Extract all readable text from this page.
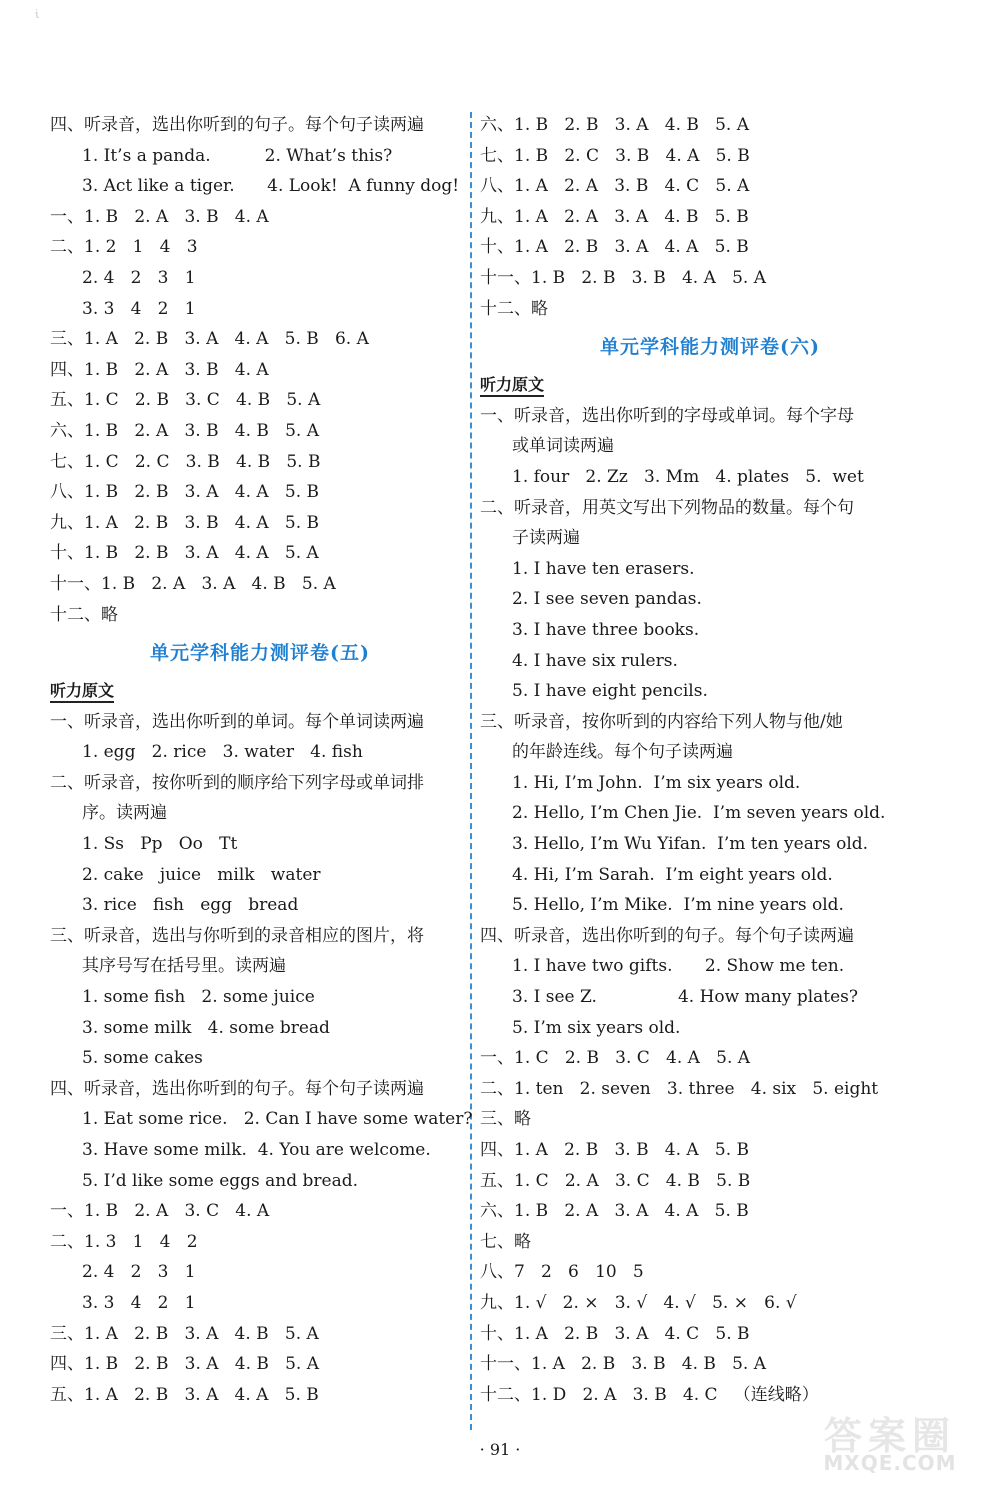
ι̇
四、听录音，选出你听到的句子。每个句子读两遍
1. It’s a panda.          2. What’s this?
3. Act like a tiger.      4. Look!  A funny dog!
一、1. B   2. A   3. B   4. A
二、1. 2   1   4   3
2. 4   2   3   1
3. 3   4   2   1
三、1. A   2. B   3. A   4. A   5. B   6. A
四、1. B   2. A   3. B   4. A
五、1. C   2. B   3. C   4. B   5. A
六、1. B   2. A   3. B   4. B   5. A
七、1. C   2. C   3. B   4. B   5. B
八、1. B   2. B   3. A   4. A   5. B
九、1. A   2. B   3. B   4. A   5. B
十、1. B   2. B   3. A   4. A   5. A
十一、1. B   2. A   3. A   4. B   5. A
十二、略
单元学科能力测评卷(五)
听力原文
一、听录音，选出你听到的单词。每个单词读两遍
1. egg   2. rice   3. water   4. fish
二、听录音，按你听到的顺序给下列字母或单词排
序。读两遍
1. Ss   Pp   Oo   Tt
2. cake   juice   milk   water
3. rice   fish   egg   bread
三、听录音，选出与你听到的录音相应的图片，将
其序号写在括号里。读两遍
1. some fish   2. some juice
3. some milk   4. some bread
5. some cakes
四、听录音，选出你听到的句子。每个句子读两遍
1. Eat some rice.   2. Can I have some water?
3. Have some milk.  4. You are welcome.
5. I’d like some eggs and bread.
一、1. B   2. A   3. C   4. A
二、1. 3   1   4   2
2. 4   2   3   1
3. 3   4   2   1
三、1. A   2. B   3. A   4. B   5. A
四、1. B   2. B   3. A   4. B   5. A
五、1. A   2. B   3. A   4. A   5. B
六、1. B   2. B   3. A   4. B   5. A
七、1. B   2. C   3. B   4. A   5. B
八、1. A   2. A   3. B   4. C   5. A
九、1. A   2. A   3. A   4. B   5. B
十、1. A   2. B   3. A   4. A   5. B
十一、1. B   2. B   3. B   4. A   5. A
十二、略
单元学科能力测评卷(六)
听力原文
一、听录音，选出你听到的字母或单词。每个字母
或单词读两遍
1. four   2. Zz   3. Mm   4. plates   5.  wet
二、听录音，用英文写出下列物品的数量。每个句
子读两遍
1. I have ten erasers.
2. I see seven pandas.
3. I have three books.
4. I have six rulers.
5. I have eight pencils.
三、听录音，按你听到的内容给下列人物与他/她
的年龄连线。每个句子读两遍
1. Hi, I’m John.  I’m six years old.
2. Hello, I’m Chen Jie.  I’m seven years old.
3. Hello, I’m Wu Yifan.  I’m ten years old.
4. Hi, I’m Sarah.  I’m eight years old.
5. Hello, I’m Mike.  I’m nine years old.
四、听录音，选出你听到的句子。每个句子读两遍
1. I have two gifts.      2. Show me ten.
3. I see Z.               4. How many plates?
5. I’m six years old.
一、1. C   2. B   3. C   4. A   5. A
二、1. ten   2. seven   3. three   4. six   5. eight
三、略
四、1. A   2. B   3. B   4. A   5. B
五、1. C   2. A   3. C   4. B   5. B
六、1. B   2. A   3. A   4. A   5. B
七、略
八、7   2   6   10   5
九、1. √   2. ×   3. √   4. √   5. ×   6. √
十、1. A   2. B   3. A   4. C   5. B
十一、1. A   2. B   3. B   4. B   5. A
十二、1. D   2. A   3. B   4. C   （连线略）
· 91 ·	答案圈
MXQE.COM
